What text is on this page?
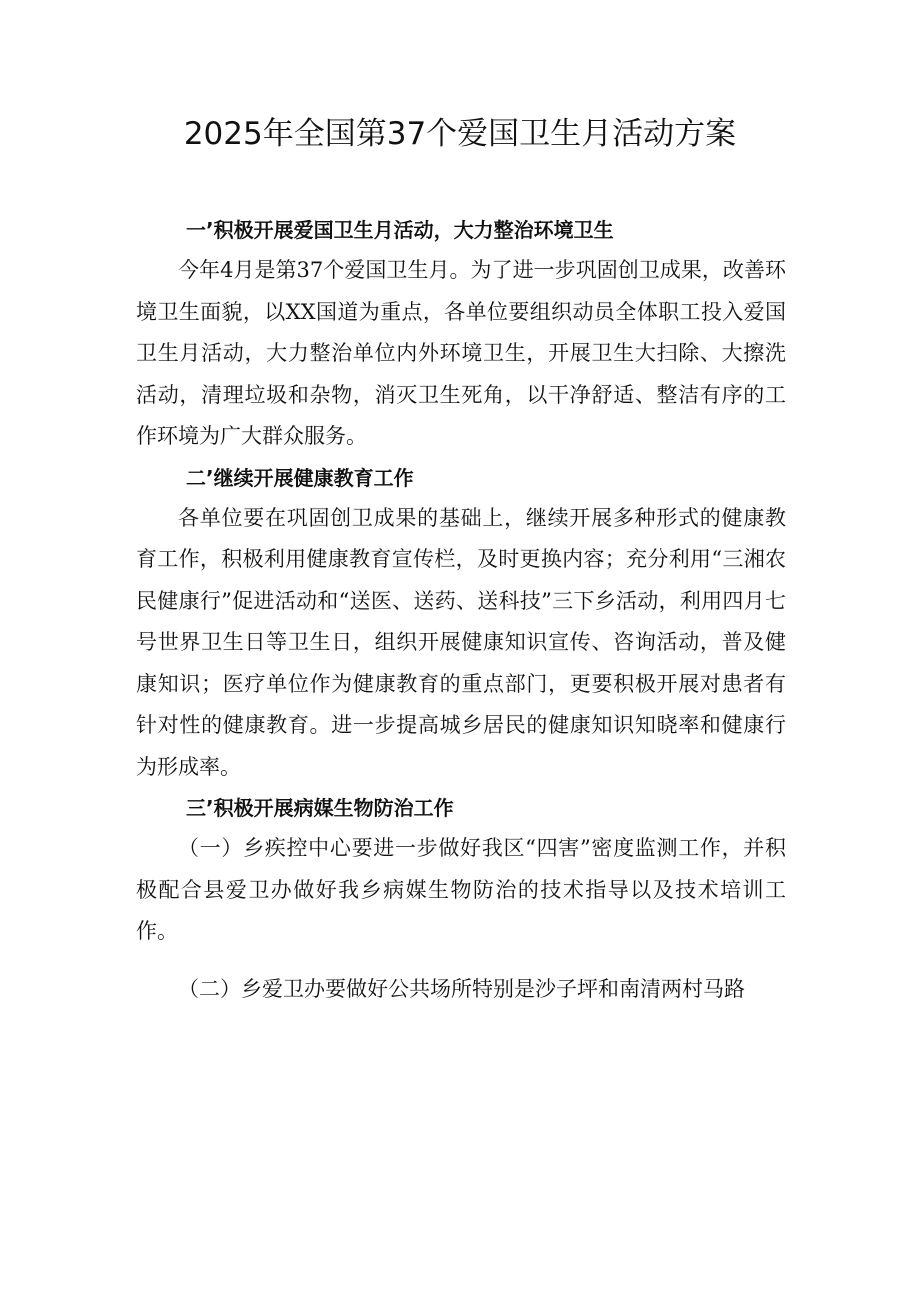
2025年全国第37个爱国卫生月活动方案
一’积极开展爱国卫生月活动，大力整治环境卫生

今年4月是第37个爱国卫生月。为了进一步巩固创卫成果，改善环境卫生面貌，以XX国道为重点，各单位要组织动员全体职工投入爱国卫生月活动，大力整治单位内外环境卫生，开展卫生大扫除、大擦洗活动，清理垃圾和杂物，消灭卫生死角，以干净舒适、整洁有序的工作环境为广大群众服务。

二’继续开展健康教育工作

各单位要在巩固创卫成果的基础上，继续开展多种形式的健康教育工作，积极利用健康教育宣传栏，及时更换内容；充分利用“三湘农民健康行”促进活动和“送医、送药、送科技”三下乡活动，利用四月七号世界卫生日等卫生日，组织开展健康知识宣传、咨询活动，普及健康知识；医疗单位作为健康教育的重点部门，更要积极开展对患者有针对性的健康教育。进一步提高城乡居民的健康知识知晓率和健康行为形成率。

三’积极开展病媒生物防治工作

（一）乡疾控中心要进一步做好我区“四害”密度监测工作，并积极配合县爱卫办做好我乡病媒生物防治的技术指导以及技术培训工作。

（二）乡爱卫办要做好公共场所特别是沙子坪和南清两村马路
